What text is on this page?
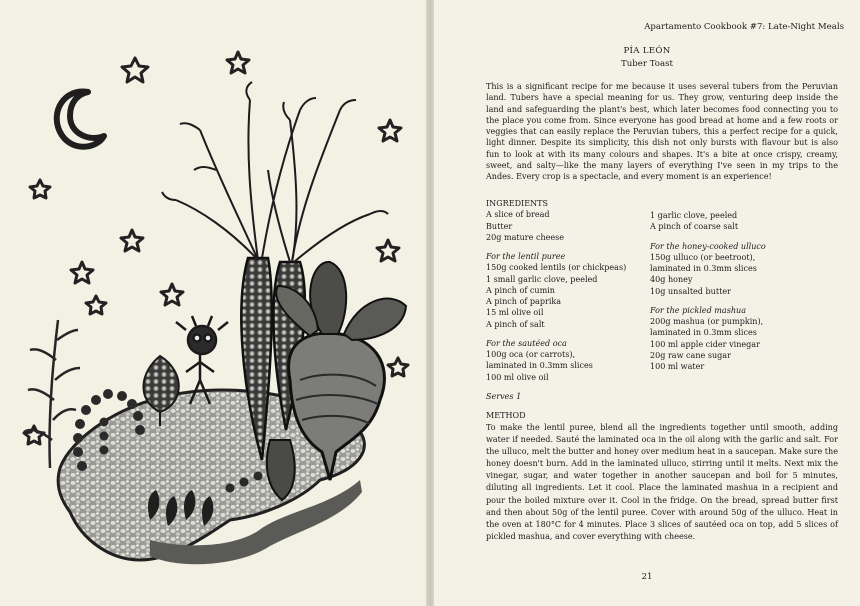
Apartamento Cookbook #7: Late-Night Meals
PÍA LEÓN
Tuber Toast

This is a significant recipe for me because it uses several tubers from the Peruvian land. Tubers have a special meaning for us. They grow, venturing deep inside the land and safeguarding the plant's best, which later becomes food connecting you to the place you come from. Since everyone has good bread at home and a few roots or veggies that can easily replace the Peruvian tubers, this a perfect recipe for a quick, light dinner. Despite its simplicity, this dish not only bursts with flavour but is also fun to look at with its many colours and shapes. It's a bite at once crispy, creamy, sweet, and salty—like the many layers of everything I've seen in my trips to the Andes. Every crop is a spectacle, and every moment is an experience!

INGREDIENTS
A slice of bread
Butter
20g mature cheese
For the lentil puree
150g cooked lentils (or chickpeas)
1 small garlic clove, peeled
A pinch of cumin
A pinch of paprika
15 ml olive oil
A pinch of salt
For the sautéed oca
100g oca (or carrots),
laminated in 0.3mm slices
100 ml olive oil
Serves 1
1 garlic clove, peeled
A pinch of coarse salt
For the honey-cooked ulluco
150g ulluco (or beetroot),
laminated in 0.3mm slices
40g honey
10g unsalted butter
For the pickled mashua
200g mashua (or pumpkin),
laminated in 0.3mm slices
100 ml apple cider vinegar
20g raw cane sugar
100 ml water
METHOD

To make the lentil puree, blend all the ingredients together until smooth, adding water if needed. Sauté the laminated oca in the oil along with the garlic and salt. For the ulluco, melt the butter and honey over medium heat in a saucepan. Make sure the honey doesn't burn. Add in the laminated ulluco, stirring until it melts. Next mix the vinegar, sugar, and water together in another saucepan and boil for 5 minutes, diluting all ingredients. Let it cool. Place the laminated mashua in a recipient and pour the boiled mixture over it. Cool in the fridge. On the bread, spread butter first and then about 50g of the lentil puree. Cover with around 50g of the ulluco. Heat in the oven at 180°C for 4 minutes. Place 3 slices of sautéed oca on top, add 5 slices of pickled mashua, and cover everything with cheese.

21
